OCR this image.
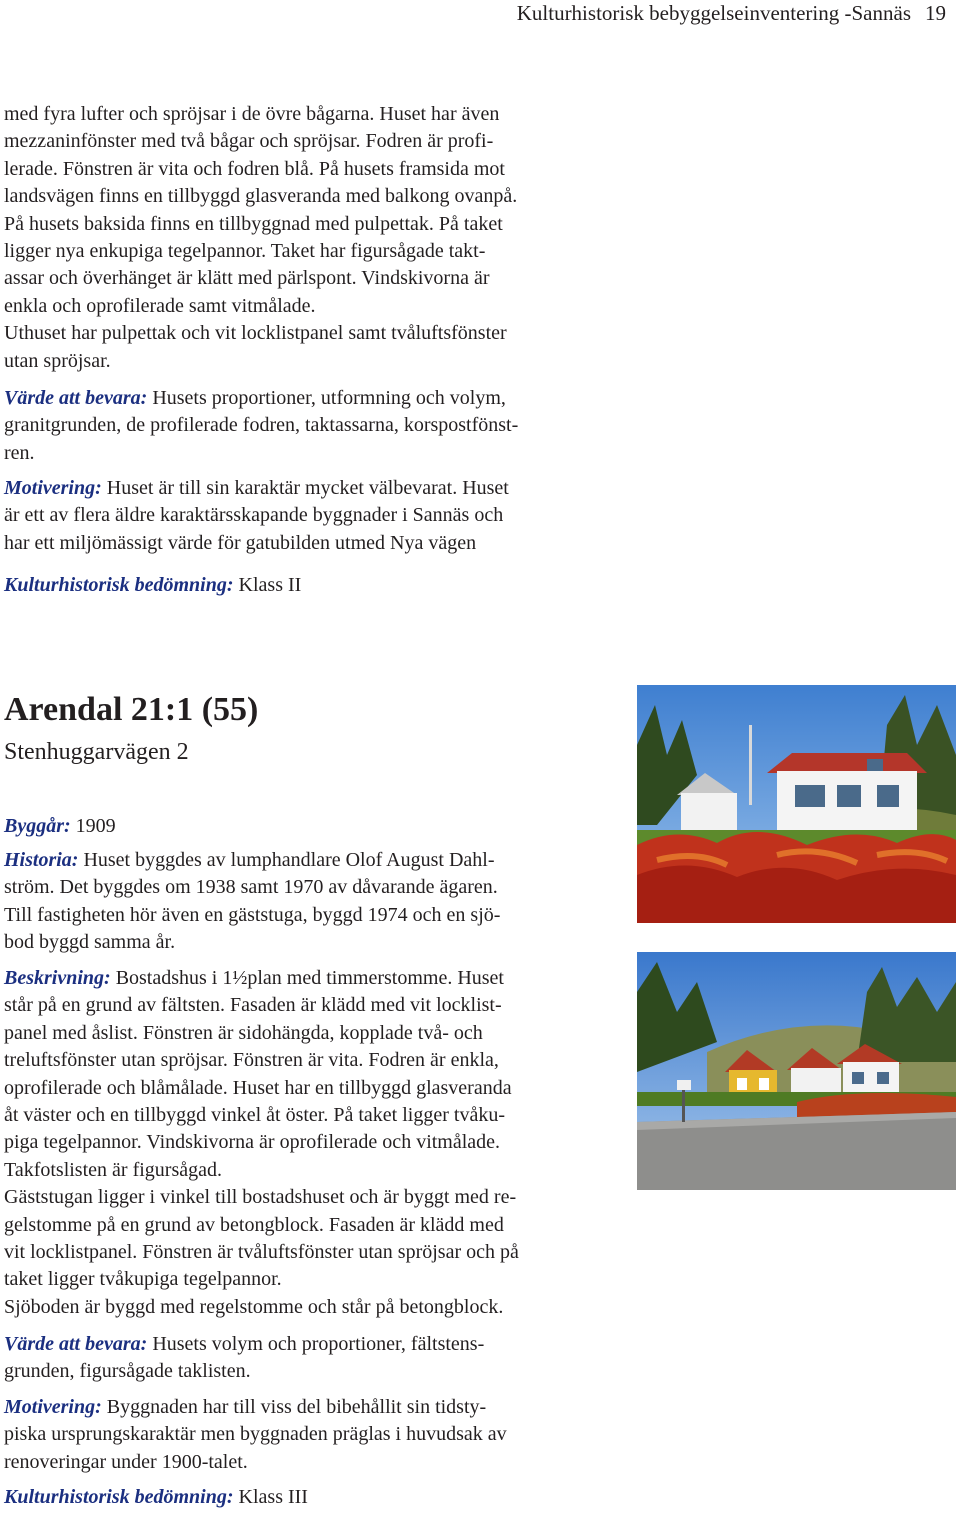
Kulturhistorisk bebyggelseinventering -Sannäs 19

med fyra lufter och spröjsar i de övre bågarna. Huset har även

mezzaninfönster med två bågar och spröjsar. Fodren är profi-

lerade. Fönstren är vita och fodren blå. På husets framsida mot

landsvägen finns en tillbyggd glasveranda med balkong ovanpå.

På husets baksida finns en tillbyggnad med pulpettak. På taket

ligger nya enkupiga tegelpannor. Taket har figursågade takt-

assar och överhänget är klätt med pärlspont. Vindskivorna är

enkla och oprofilerade samt vitmålade.

Uthuset har pulpettak och vit locklistpanel samt tvåluftsfönster

utan spröjsar.

Värde att bevara: Husets proportioner, utformning och volym,

granitgrunden, de profilerade fodren, taktassarna, korspostfönst-

ren.

Motivering: Huset är till sin karaktär mycket välbevarat. Huset

är ett av flera äldre karaktärsskapande byggnader i Sannäs och

har ett miljömässigt värde för gatubilden utmed Nya vägen

Kulturhistorisk bedömning: Klass II

Arendal 21:1 (55)
Stenhuggarvägen 2

Byggår: 1909

Historia: Huset byggdes av lumphandlare Olof August Dahl-

ström. Det byggdes om 1938 samt 1970 av dåvarande ägaren.

Till fastigheten hör även en gäststuga, byggd 1974 och en sjö-

bod byggd samma år.

Beskrivning: Bostadshus i 1½plan med timmerstomme. Huset

står på en grund av fältsten. Fasaden är klädd med vit locklist-

panel med åslist. Fönstren är sidohängda, kopplade två- och

treluftsfönster utan spröjsar. Fönstren är vita. Fodren är enkla,

oprofilerade och blåmålade. Huset har en tillbyggd glasveranda

åt väster och en tillbyggd vinkel åt öster. På taket ligger tvåku-

piga tegelpannor. Vindskivorna är oprofilerade och vitmålade.

Takfotslisten är figursågad.

Gäststugan ligger i vinkel till bostadshuset och är byggt med re-

gelstomme på en grund av betongblock. Fasaden är klädd med

vit locklistpanel. Fönstren är tvåluftsfönster utan spröjsar och på

taket ligger tvåkupiga tegelpannor.

Sjöboden är byggd med regelstomme och står på betongblock.

Värde att bevara: Husets volym och proportioner, fältstens-

grunden, figursågade taklisten.

Motivering: Byggnaden har till viss del bibehållit sin tidsty-

piska ursprungskaraktär men byggnaden präglas i huvudsak av

renoveringar under 1900-talet.

Kulturhistorisk bedömning: Klass III
